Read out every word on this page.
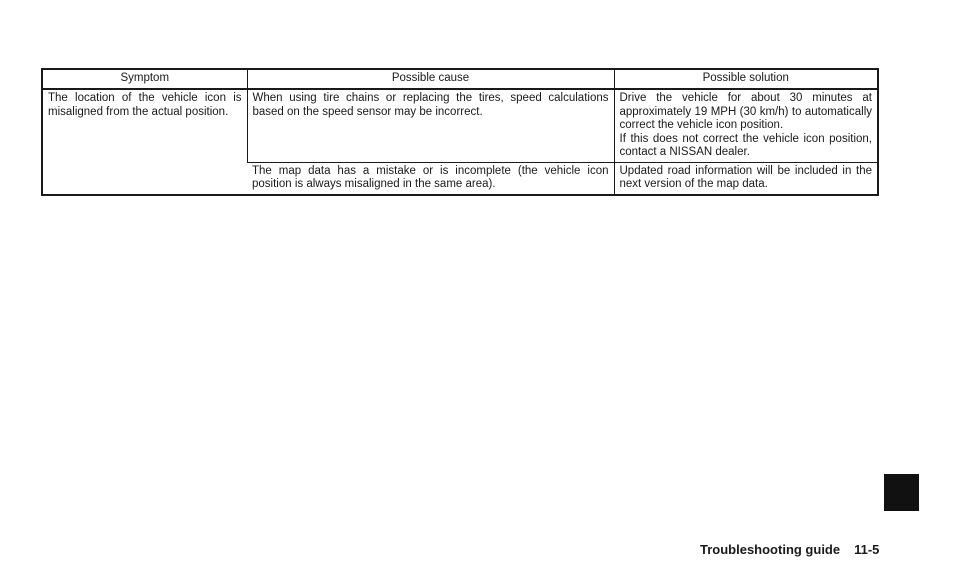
Symptom	Possible cause	Possible solution
The location of the vehicle icon is misaligned from the actual position.	When using tire chains or replacing the tires, speed calculations based on the speed sensor may be incorrect.	Drive the vehicle for about 30 minutes at approximately 19 MPH (30 km/h) to automatically correct the vehicle icon position.
If this does not correct the vehicle icon position, contact a NISSAN dealer.

	The map data has a mistake or is incomplete (the vehicle icon position is always misaligned in the same area).	Updated road information will be included in the next version of the map data.
Troubleshooting guide 11-5
